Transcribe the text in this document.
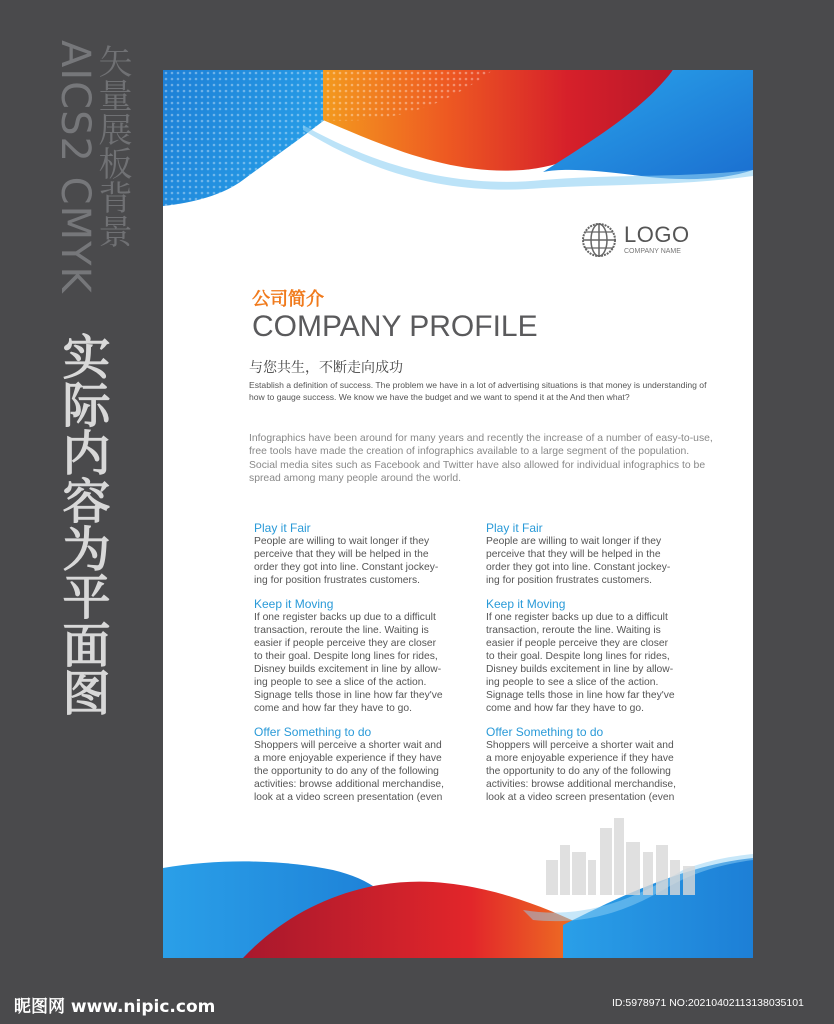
AICS2 CMYK
矢量展板背景
实际内容为平面图
LOGO
COMPANY NAME
公司简介
COMPANY PROFILE
与您共生，不断走向成功
Establish a definition of success. The problem we have in a lot of advertising situations is that money is understanding of how to gauge success. We know we have the budget and we want to spend it at the And then what?
Infographics have been around for many years and recently the increase of a number of easy-to-use, free tools have made the creation of infographics available to a large segment of the population. Social media sites such as Facebook and Twitter have also allowed for individual infographics to be spread among many people around the world.
Play it Fair
People are willing to wait longer if they
perceive that they will be helped in the
order they got into line. Constant jockey-
ing for position frustrates customers.
Keep it Moving
If one register backs up due to a difficult
transaction, reroute the line. Waiting is
easier if people perceive they are closer
to their goal. Despite long lines for rides,
Disney builds excitement in line by allow-
ing people to see a slice of the action.
Signage tells those in line how far they've
come and how far they have to go.
Offer Something to do
Shoppers will perceive a shorter wait and
a more enjoyable experience if they have
the opportunity to do any of the following
activities: browse additional merchandise,
look at a video screen presentation (even
Play it Fair
People are willing to wait longer if they
perceive that they will be helped in the
order they got into line. Constant jockey-
ing for position frustrates customers.
Keep it Moving
If one register backs up due to a difficult
transaction, reroute the line. Waiting is
easier if people perceive they are closer
to their goal. Despite long lines for rides,
Disney builds excitement in line by allow-
ing people to see a slice of the action.
Signage tells those in line how far they've
come and how far they have to go.
Offer Something to do
Shoppers will perceive a shorter wait and
a more enjoyable experience if they have
the opportunity to do any of the following
activities: browse additional merchandise,
look at a video screen presentation (even
昵图网 www.nipic.com	ID:5978971 NO:20210402113138035101
